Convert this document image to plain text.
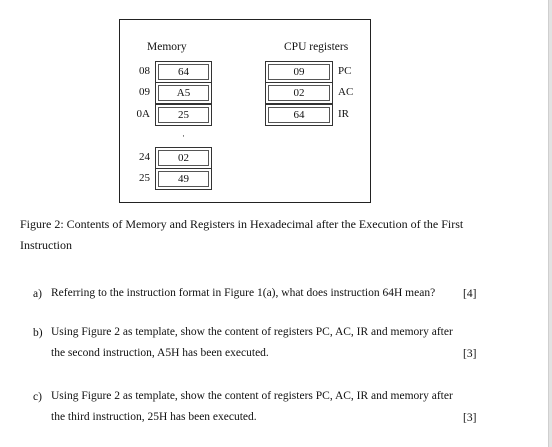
Memory	CPU registers
08	64
09 A5
0A	25
·
24	02
25	49
09	PC
02	AC
64	IR
Figure 2: Contents of Memory and Registers in Hexadecimal after the Execution of the First Instruction
a) Referring to the instruction format in Figure 1(a), what does instruction 64H mean? [4]
b) Using Figure 2 as template, show the content of registers PC, AC, IR and memory after
the second instruction, A5H has been executed.	[3]
c) Using Figure 2 as template, show the content of registers PC, AC, IR and memory after
the third instruction, 25H has been executed.	[3]
